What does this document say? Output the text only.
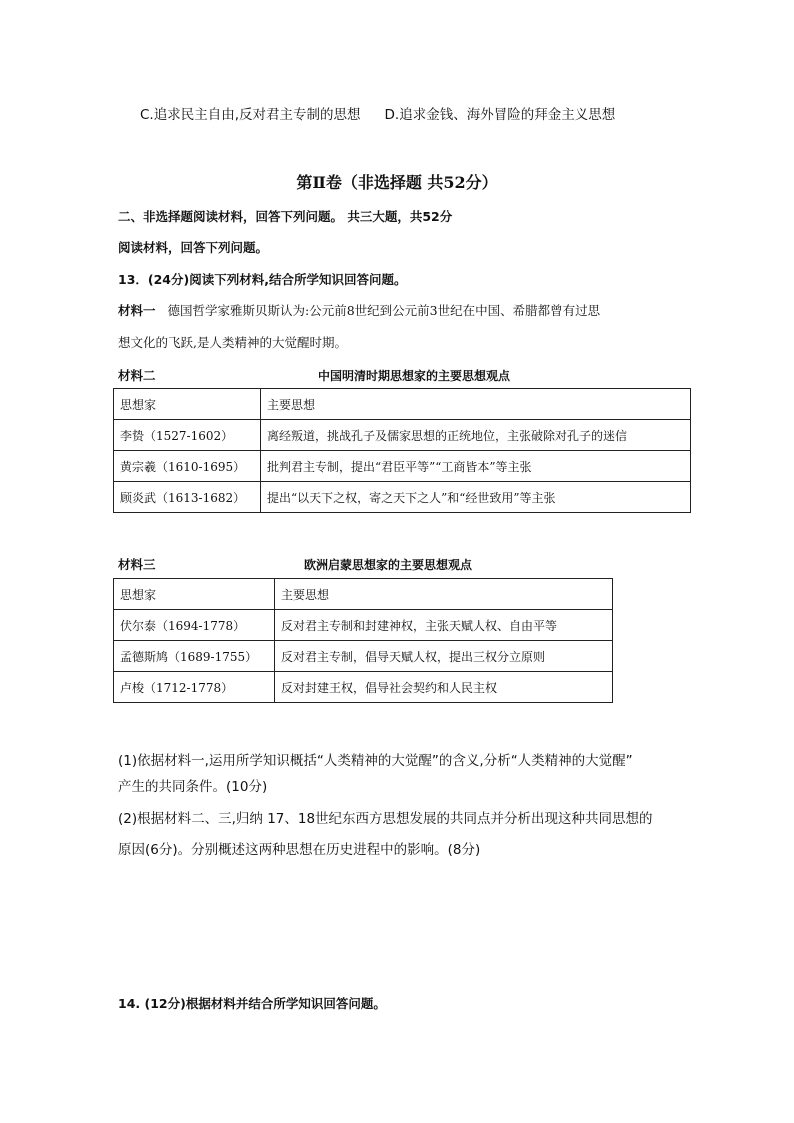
C.追求民主自由,反对君主专制的思想 D.追求金钱、海外冒险的拜金主义思想
第Ⅱ卷（非选择题 共52分）
二、非选择题阅读材料，回答下列问题。 共三大题，共52分
阅读材料，回答下列问题。
13．(24分)阅读下列材料,结合所学知识回答问题。
材料一 德国哲学家雅斯贝斯认为:公元前8世纪到公元前3世纪在中国、希腊都曾有过思
想文化的飞跃,是人类精神的大觉醒时期。
材料二	中国明清时期思想家的主要思想观点
思想家	主要思想
李贽（1527-1602）	离经叛道，挑战孔子及儒家思想的正统地位，主张破除对孔子的迷信
黄宗羲（1610-1695）	批判君主专制，提出“君臣平等”“工商皆本”等主张
顾炎武（1613-1682）	提出“以天下之权，寄之天下之人”和“经世致用”等主张
材料三	欧洲启蒙思想家的主要思想观点
思想家	主要思想
伏尔泰（1694-1778）	反对君主专制和封建神权，主张天赋人权、自由平等
孟德斯鸠（1689-1755）	反对君主专制，倡导天赋人权，提出三权分立原则
卢梭（1712-1778）	反对封建王权，倡导社会契约和人民主权
(1)依据材料一,运用所学知识概括“人类精神的大觉醒”的含义,分析“人类精神的大觉醒”
产生的共同条件。(10分)
(2)根据材料二、三,归纳 17、18世纪东西方思想发展的共同点并分析出现这种共同思想的
原因(6分)。分别概述这两种思想在历史进程中的影响。(8分)
14. (12分)根据材料并结合所学知识回答问题。
